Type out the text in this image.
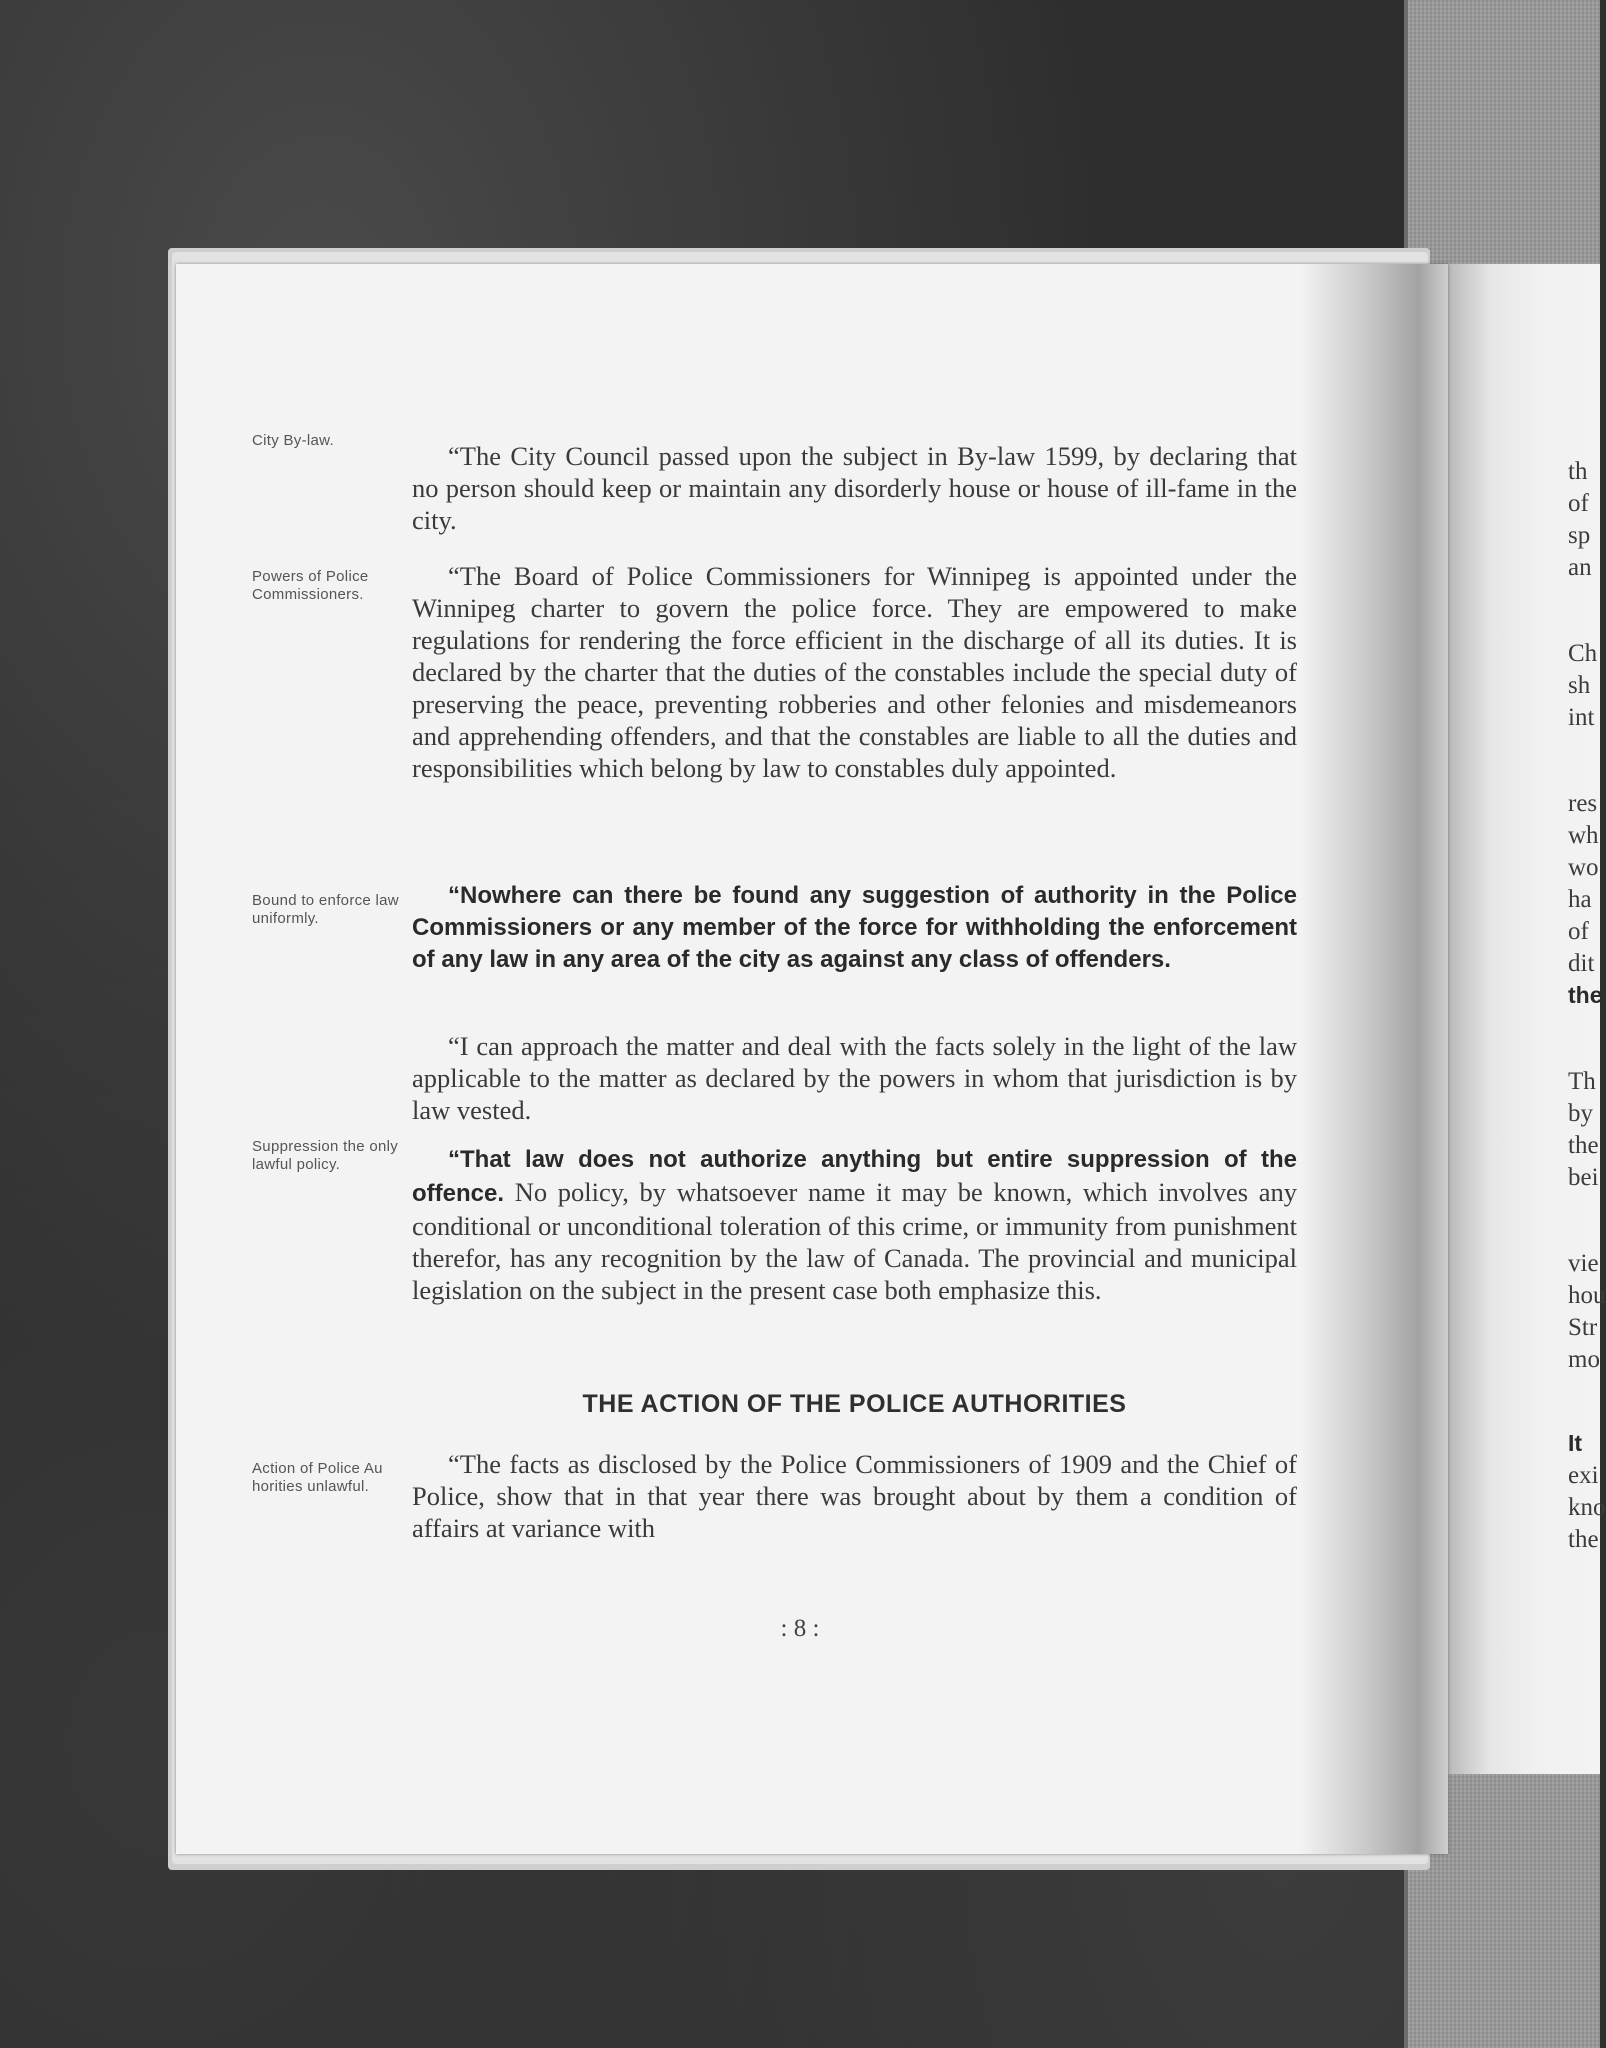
City By-law.
Powers of Police Commissioners.
Bound to enforce law uniformly.
Suppression the only lawful policy.
Action of Police Au horities unlawful.

“The City Council passed upon the subject in By-law 1599, by declaring that no person should keep or maintain any disorderly house or house of ill-fame in the city.

“The Board of Police Commissioners for Winnipeg is appointed under the Winnipeg charter to govern the police force. They are empowered to make regulations for rendering the force efficient in the discharge of all its duties. It is declared by the charter that the duties of the constables include the special duty of preserving the peace, preventing robberies and other felonies and misdemeanors and apprehending offenders, and that the constables are liable to all the duties and responsibilities which belong by law to constables duly appointed.

“Nowhere can there be found any suggestion of authority in the Police Commissioners or any member of the force for withholding the enforcement of any law in any area of the city as against any class of offenders.

“I can approach the matter and deal with the facts solely in the light of the law applicable to the matter as declared by the powers in whom that jurisdiction is by law vested.

“That law does not authorize anything but entire suppression of the offence. No policy, by whatsoever name it may be known, which involves any conditional or unconditional toleration of this crime, or immunity from punishment therefor, has any recognition by the law of Canada. The provincial and municipal legislation on the subject in the present case both emphasize this.

THE ACTION OF THE POLICE AUTHORITIES

“The facts as disclosed by the Police Commissioners of 1909 and the Chief of Police, show that in that year there was brought about by them a condition of affairs at variance with

: 8 :
th
of
sp
an
Ch
sh
int
res
wh
wo
ha
of
dit
the
Th
by
the
bei
vie
hou
Str
mo
It
exi
kno
the
